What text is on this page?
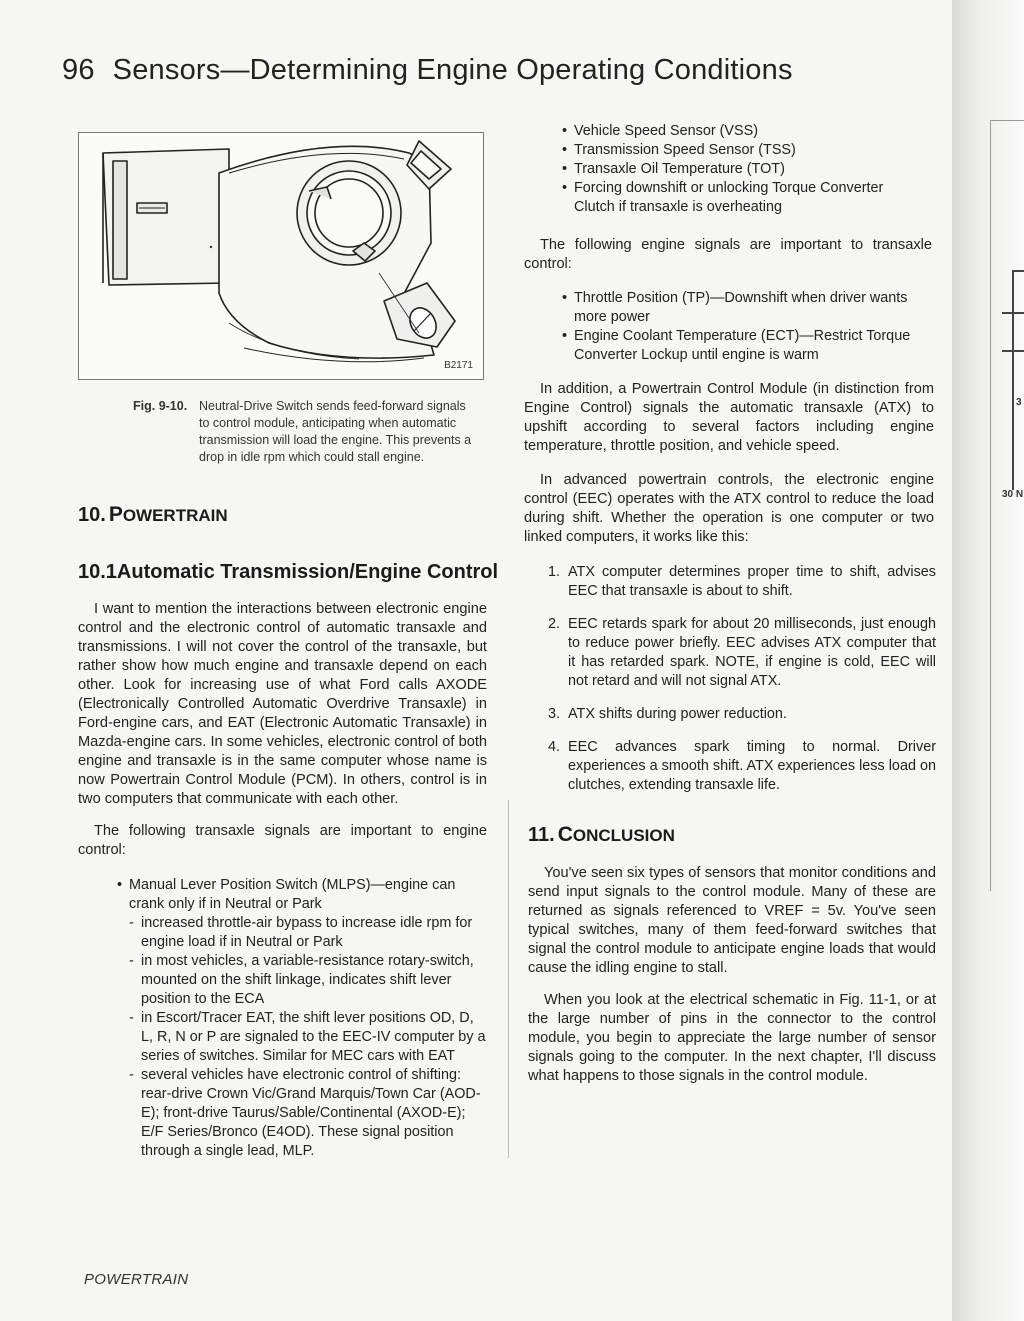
3
30 N
96 Sensors—Determining Engine Operating Conditions
B2171
Fig. 9-10. Neutral-Drive Switch sends feed-forward signals
to control module, anticipating when automatic
transmission will load the engine. This prevents a
drop in idle rpm which could stall engine.
10. POWERTRAIN
10.1Automatic Transmission/Engine Control

I want to mention the interactions between electronic engine control and the electronic control of automatic transaxle and transmissions. I will not cover the control of the transaxle, but rather show how much engine and transaxle depend on each other. Look for increasing use of what Ford calls AXODE (Electronically Controlled Automatic Overdrive Transaxle) in Ford-engine cars, and EAT (Electronic Automatic Transaxle) in Mazda-engine cars. In some vehicles, electronic control of both engine and transaxle is in the same computer whose name is now Powertrain Control Module (PCM). In others, control is in two computers that communicate with each other.

The following transaxle signals are important to engine control:

• Manual Lever Position Switch (MLPS)—engine can crank only if in Neutral or Park
- increased throttle-air bypass to increase idle rpm for engine load if in Neutral or Park
- in most vehicles, a variable-resistance rotary-switch, mounted on the shift linkage, indicates shift lever position to the ECA
- in Escort/Tracer EAT, the shift lever positions OD, D, L, R, N or P are signaled to the EEC-IV computer by a series of switches. Similar for MEC cars with EAT
- several vehicles have electronic control of shifting: rear-drive Crown Vic/Grand Marquis/Town Car (AOD-E); front-drive Taurus/Sable/Continental (AXOD-E); E/F Series/Bronco (E4OD). These signal position through a single lead, MLP.
• Vehicle Speed Sensor (VSS)
• Transmission Speed Sensor (TSS)
• Transaxle Oil Temperature (TOT)
• Forcing downshift or unlocking Torque Converter Clutch if transaxle is overheating

The following engine signals are important to transaxle control:

• Throttle Position (TP)—Downshift when driver wants more power
• Engine Coolant Temperature (ECT)—Restrict Torque Converter Lockup until engine is warm

In addition, a Powertrain Control Module (in distinction from Engine Control) signals the automatic transaxle (ATX) to upshift according to several factors including engine temperature, throttle position, and vehicle speed.

In advanced powertrain controls, the electronic engine control (EEC) operates with the ATX control to reduce the load during shift. Whether the operation is one computer or two linked computers, it works like this:

1. ATX computer determines proper time to shift, advises EEC that transaxle is about to shift.
2. EEC retards spark for about 20 milliseconds, just enough to reduce power briefly. EEC advises ATX computer that it has retarded spark. NOTE, if engine is cold, EEC will not retard and will not signal ATX.
3. ATX shifts during power reduction.
4. EEC advances spark timing to normal. Driver experiences a smooth shift. ATX experiences less load on clutches, extending transaxle life.
11. CONCLUSION

You've seen six types of sensors that monitor conditions and send input signals to the control module. Many of these are returned as signals referenced to VREF = 5v. You've seen typical switches, many of them feed-forward switches that signal the control module to anticipate engine loads that would cause the idling engine to stall.

When you look at the electrical schematic in Fig. 11-1, or at the large number of pins in the connector to the control module, you begin to appreciate the large number of sensor signals going to the computer. In the next chapter, I'll discuss what happens to those signals in the control module.

POWERTRAIN
